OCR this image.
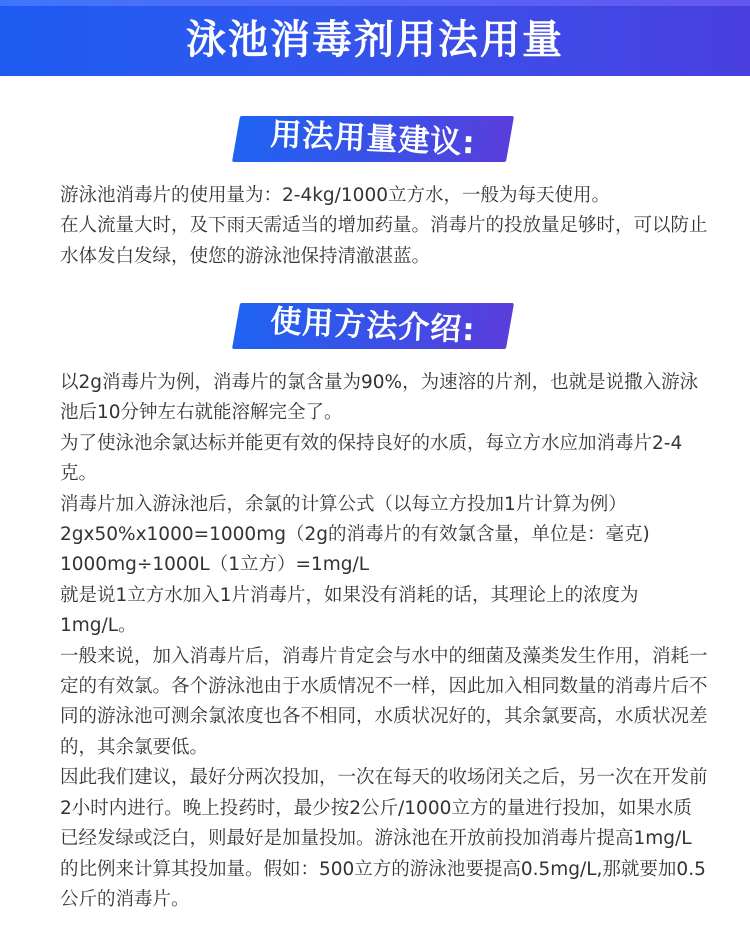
泳池消毒剂用法用量
用法用量建议:

游泳池消毒片的使用量为：2-4kg/1000立方水，一般为每天使用。

在人流量大时，及下雨天需适当的增加药量。消毒片的投放量足够时，可以防止水体发白发绿，使您的游泳池保持清澈湛蓝。

使用方法介绍:

以2g消毒片为例，消毒片的氯含量为90%，为速溶的片剂，也就是说撒入游泳池后10分钟左右就能溶解完全了。

为了使泳池余氯达标并能更有效的保持良好的水质，每立方水应加消毒片2-4克。

消毒片加入游泳池后，余氯的计算公式（以每立方投加1片计算为例）

2gx50%x1000=1000mg（2g的消毒片的有效氯含量，单位是：毫克)

1000mg÷1000L（1立方）=1mg/L

就是说1立方水加入1片消毒片，如果没有消耗的话，其理论上的浓度为1mg/L。

一般来说，加入消毒片后，消毒片肯定会与水中的细菌及藻类发生作用，消耗一定的有效氯。各个游泳池由于水质情况不一样，因此加入相同数量的消毒片后不同的游泳池可测余氯浓度也各不相同，水质状况好的，其余氯要高，水质状况差的，其余氯要低。

因此我们建议，最好分两次投加，一次在每天的收场闭关之后，另一次在开发前2小时内进行。晚上投药时，最少按2公斤/1000立方的量进行投加，如果水质已经发绿或泛白，则最好是加量投加。游泳池在开放前投加消毒片提高1mg/L的比例来计算其投加量。假如：500立方的游泳池要提高0.5mg/L,那就要加0.5公斤的消毒片。
